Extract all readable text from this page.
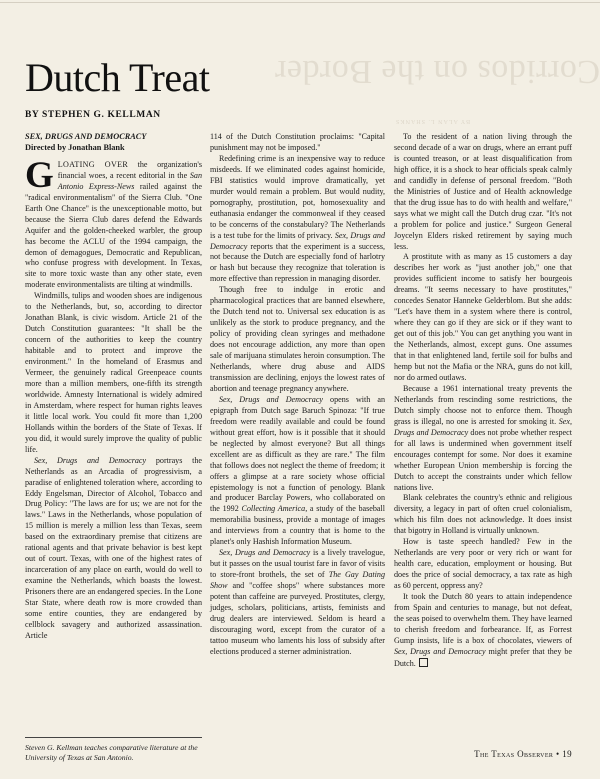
Corridos on the Border
BY ALAN L. SHANKS
Dutch Treat
BY STEPHEN G. KELLMAN

SEX, DRUGS AND DEMOCRACY

Directed by Jonathan Blank

GLOATING OVER the organization's financial woes, a recent editorial in the San Antonio Express-News railed against the "radical environmentalism" of the Sierra Club. "One Earth One Chance" is the unexceptionable motto, but because the Sierra Club dares defend the Edwards Aquifer and the golden-cheeked warbler, the group has become the ACLU of the 1994 campaign, the demon of demagogues, Democratic and Republican, who confuse progress with development. In Texas, site to more toxic waste than any other state, even moderate environmentalists are tilting at windmills.

Windmills, tulips and wooden shoes are indigenous to the Netherlands, but, so, according to director Jonathan Blank, is civic wisdom. Article 21 of the Dutch Constitution guarantees: "It shall be the concern of the authorities to keep the country habitable and to protect and improve the environment." In the homeland of Erasmus and Vermeer, the genuinely radical Greenpeace counts more than a million members, one-fifth its strength worldwide. Amnesty International is widely admired in Amsterdam, where respect for human rights leaves it little local work. You could fit more than 1,200 Hollands within the borders of the State of Texas. If you did, it would surely improve the quality of public life.

Sex, Drugs and Democracy portrays the Netherlands as an Arcadia of progressivism, a paradise of enlightened toleration where, according to Eddy Engelsman, Director of Alcohol, Tobacco and Drug Policy: "The laws are for us; we are not for the laws." Laws in the Netherlands, whose population of 15 million is merely a million less than Texas, seem based on the extraordinary premise that citizens are rational agents and that private behavior is best kept out of court. Texas, with one of the highest rates of incarceration of any place on earth, would do well to examine the Netherlands, which boasts the lowest. Prisoners there are an endangered species. In the Lone Star State, where death row is more crowded than some entire counties, they are endangered by cellblock savagery and authorized assassination. Article

114 of the Dutch Constitution proclaims: "Capital punishment may not be imposed."

Redefining crime is an inexpensive way to reduce misdeeds. If we eliminated codes against homicide, FBI statistics would improve dramatically, yet murder would remain a problem. But would nudity, pornography, prostitution, pot, homosexuality and euthanasia endanger the commonweal if they ceased to be concerns of the constabulary? The Netherlands is a test tube for the limits of privacy. Sex, Drugs and Democracy reports that the experiment is a success, not because the Dutch are especially fond of harlotry or hash but because they recognize that toleration is more effective than repression in managing disorder.

Though free to indulge in erotic and pharmacological practices that are banned elsewhere, the Dutch tend not to. Universal sex education is as unlikely as the stork to produce pregnancy, and the policy of providing clean syringes and methadone does not encourage addiction, any more than open sale of marijuana stimulates heroin consumption. The Netherlands, where drug abuse and AIDS transmission are declining, enjoys the lowest rates of abortion and teenage pregnancy anywhere.

Sex, Drugs and Democracy opens with an epigraph from Dutch sage Baruch Spinoza: "If true freedom were readily available and could be found without great effort, how is it possible that it should be neglected by almost everyone? But all things excellent are as difficult as they are rare." The film that follows does not neglect the theme of freedom; it offers a glimpse at a rare society whose official epistemology is not a function of penology. Blank and producer Barclay Powers, who collaborated on the 1992 Collecting America, a study of the baseball memorabilia business, provide a montage of images and interviews from a country that is home to the planet's only Hashish Information Museum.

Sex, Drugs and Democracy is a lively travelogue, but it passes on the usual tourist fare in favor of visits to store-front brothels, the set of The Gay Dating Show and "coffee shops" where substances more potent than caffeine are purveyed. Prostitutes, clergy, judges, scholars, politicians, artists, feminists and drug dealers are interviewed. Seldom is heard a discouraging word, except from the curator of a tattoo museum who laments his loss of subsidy after elections produced a sterner administration.

To the resident of a nation living through the second decade of a war on drugs, where an errant puff is counted treason, or at least disqualification from high office, it is a shock to hear officials speak calmly and candidly in defense of personal freedom. "Both the Ministries of Justice and of Health acknowledge that the drug issue has to do with health and welfare," says what we might call the Dutch drug czar. "It's not a problem for police and justice." Surgeon General Joycelyn Elders risked retirement by saying much less.

A prostitute with as many as 15 customers a day describes her work as "just another job," one that provides sufficient income to satisfy her bourgeois dreams. "It seems necessary to have prostitutes," concedes Senator Hanneke Gelderblom. But she adds: "Let's have them in a system where there is control, where they can go if they are sick or if they want to get out of this job." You can get anything you want in the Netherlands, almost, except guns. One assumes that in that enlightened land, fertile soil for bulbs and hemp but not the Mafia or the NRA, guns do not kill, nor do armed outlaws.

Because a 1961 international treaty prevents the Netherlands from rescinding some restrictions, the Dutch simply choose not to enforce them. Though grass is illegal, no one is arrested for smoking it. Sex, Drugs and Democracy does not probe whether respect for all laws is undermined when government itself encourages contempt for some. Nor does it examine whether European Union membership is forcing the Dutch to accept the constraints under which fellow nations live.

Blank celebrates the country's ethnic and religious diversity, a legacy in part of often cruel colonialism, which his film does not acknowledge. It does insist that bigotry in Holland is virtually unknown.

How is taste speech handled? Few in the Netherlands are very poor or very rich or want for health care, education, employment or housing. But does the price of social democracy, a tax rate as high as 60 percent, oppress any?

It took the Dutch 80 years to attain independence from Spain and centuries to manage, but not defeat, the seas poised to overwhelm them. They have learned to cherish freedom and forbearance. If, as Forrest Gump insists, life is a box of chocolates, viewers of Sex, Drugs and Democracy might prefer that they be Dutch.

Steven G. Kellman teaches comparative literature at the University of Texas at San Antonio.	The Texas Observer • 19
